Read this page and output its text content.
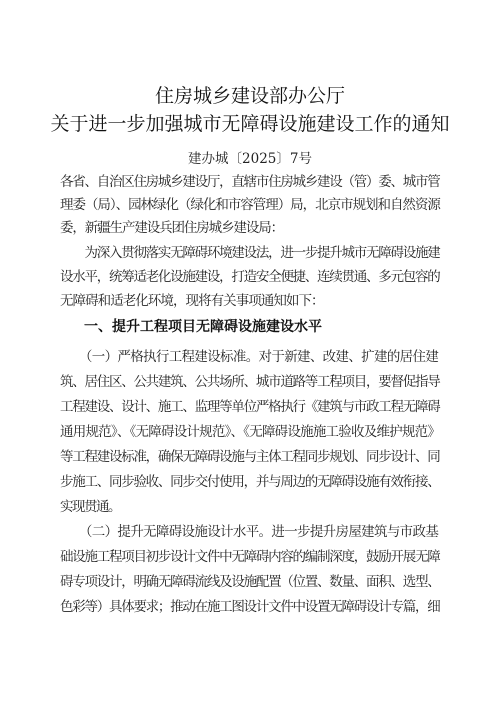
住房城乡建设部办公厅
关于进一步加强城市无障碍设施建设工作的通知
建办城〔2025〕7号
各省、自治区住房城乡建设厅，直辖市住房城乡建设（管）委、城市管
理委（局）、园林绿化（绿化和市容管理）局，北京市规划和自然资源
委，新疆生产建设兵团住房城乡建设局：
　　为深入贯彻落实无障碍环境建设法，进一步提升城市无障碍设施建
设水平，统筹适老化设施建设，打造安全便捷、连续贯通、多元包容的
无障碍和适老化环境，现将有关事项通知如下：
一、提升工程项目无障碍设施建设水平
　　（一）严格执行工程建设标准。对于新建、改建、扩建的居住建
筑、居住区、公共建筑、公共场所、城市道路等工程项目，要督促指导
工程建设、设计、施工、监理等单位严格执行《建筑与市政工程无障碍
通用规范》、《无障碍设计规范》、《无障碍设施施工验收及维护规范》
等工程建设标准，确保无障碍设施与主体工程同步规划、同步设计、同
步施工、同步验收、同步交付使用，并与周边的无障碍设施有效衔接、
实现贯通。
　　（二）提升无障碍设施设计水平。进一步提升房屋建筑与市政基
础设施工程项目初步设计文件中无障碍内容的编制深度，鼓励开展无障
碍专项设计，明确无障碍流线及设施配置（位置、数量、面积、选型、
色彩等）具体要求；推动在施工图设计文件中设置无障碍设计专篇，细
